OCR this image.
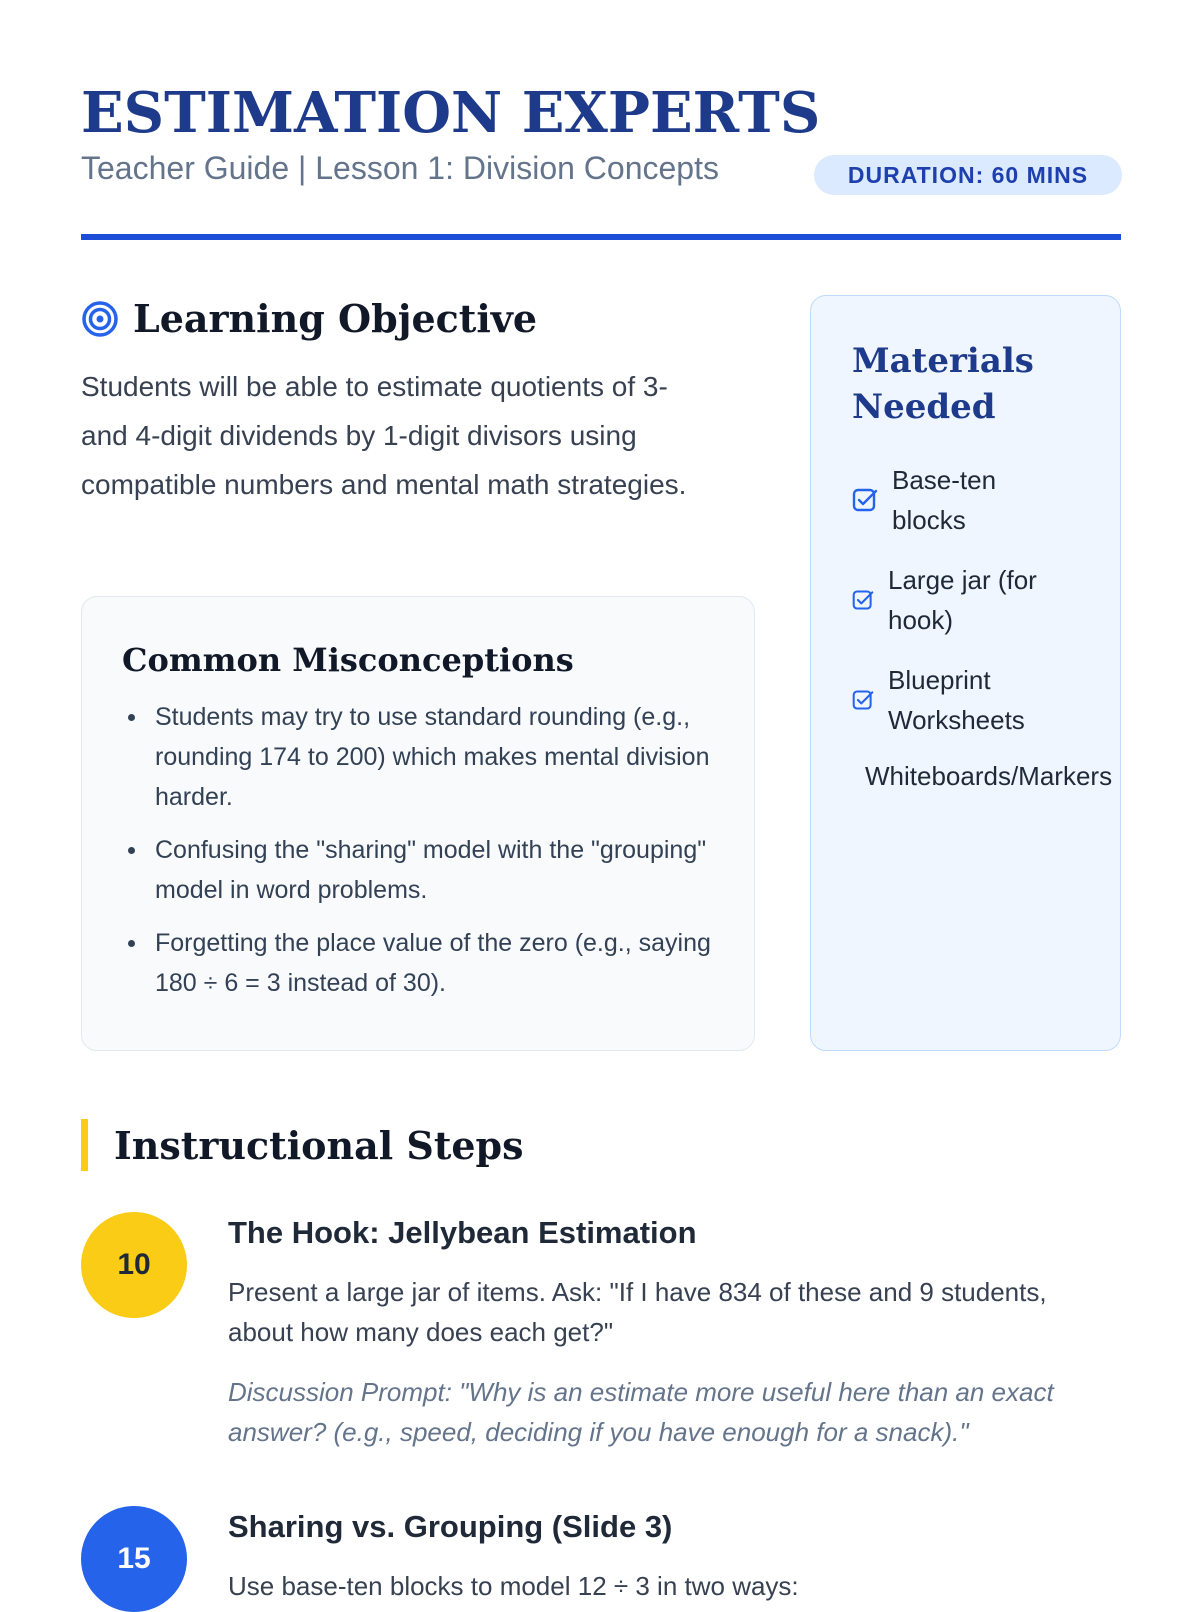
ESTIMATION EXPERTS
Teacher Guide | Lesson 1: Division Concepts	DURATION: 60 MINS
Learning Objective

Students will be able to estimate quotients of 3- and 4-digit dividends by 1-digit divisors using compatible numbers and mental math strategies.

Common Misconceptions
Students may try to use standard rounding (e.g., rounding 174 to 200) which makes mental division harder.
Confusing the "sharing" model with the "grouping" model in word problems.
Forgetting the place value of the zero (e.g., saying 180 ÷ 6 = 3 instead of 30).
Materials Needed
Base-ten blocks
Large jar (for hook)
Blueprint Worksheets
Whiteboards/Markers
Instructional Steps
10
The Hook: Jellybean Estimation

Present a large jar of items. Ask: "If I have 834 of these and 9 students, about how many does each get?"

Discussion Prompt: "Why is an estimate more useful here than an exact answer? (e.g., speed, deciding if you have enough for a snack)."

15
Sharing vs. Grouping (Slide 3)

Use base-ten blocks to model 12 ÷ 3 in two ways:
